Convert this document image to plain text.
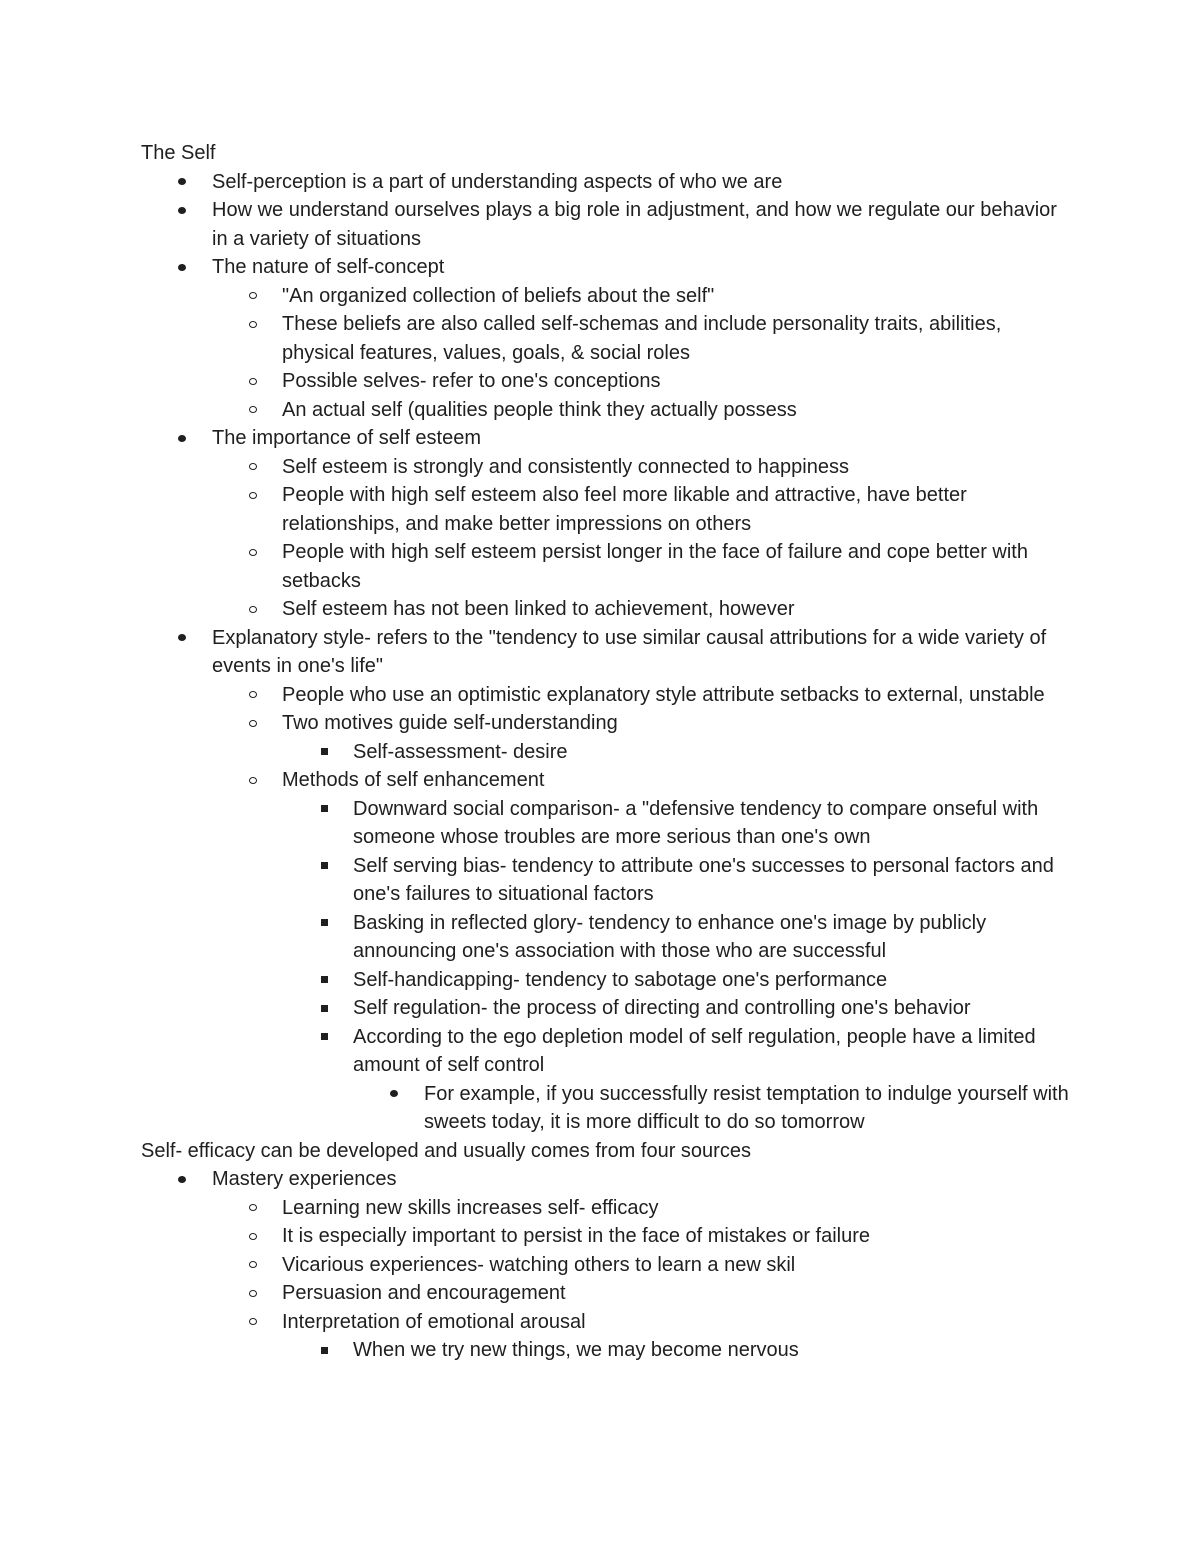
The Self
Self-perception is a part of understanding aspects of who we are
How we understand ourselves plays a big role in adjustment, and how we regulate our behavior in a variety of situations
The nature of self-concept
"An organized collection of beliefs about the self"
These beliefs are also called self-schemas and include personality traits, abilities, physical features, values, goals, & social roles
Possible selves- refer to one's conceptions
An actual self (qualities people think they actually possess
The importance of self esteem
Self esteem is strongly and consistently connected to happiness
People with high self esteem also feel more likable and attractive, have better relationships, and make better impressions on others
People with high self esteem persist longer in the face of failure and cope better with setbacks
Self esteem has not been linked to achievement, however
Explanatory style- refers to the "tendency to use similar causal attributions for a wide variety of events in one's life"
People who use an optimistic explanatory style attribute setbacks to external, unstable
Two motives guide self-understanding
Self-assessment- desire
Methods of self enhancement
Downward social comparison- a "defensive tendency to compare onseful with someone whose troubles are more serious than one's own
Self serving bias- tendency to attribute one's successes to personal factors and one's failures to situational factors
Basking in reflected glory- tendency to enhance one's image by publicly announcing one's association with those who are successful
Self-handicapping- tendency to sabotage one's performance
Self regulation- the process of directing and controlling one's behavior
According to the ego depletion model of self regulation, people have a limited amount of self control
For example, if you successfully resist temptation to indulge yourself with sweets today, it is more difficult to do so tomorrow
Self- efficacy can be developed and usually comes from four sources
Mastery experiences
Learning new skills increases self- efficacy
It is especially important to persist in the face of mistakes or failure
Vicarious experiences- watching others to learn a new skil
Persuasion and encouragement
Interpretation of emotional arousal
When we try new things, we may become nervous
